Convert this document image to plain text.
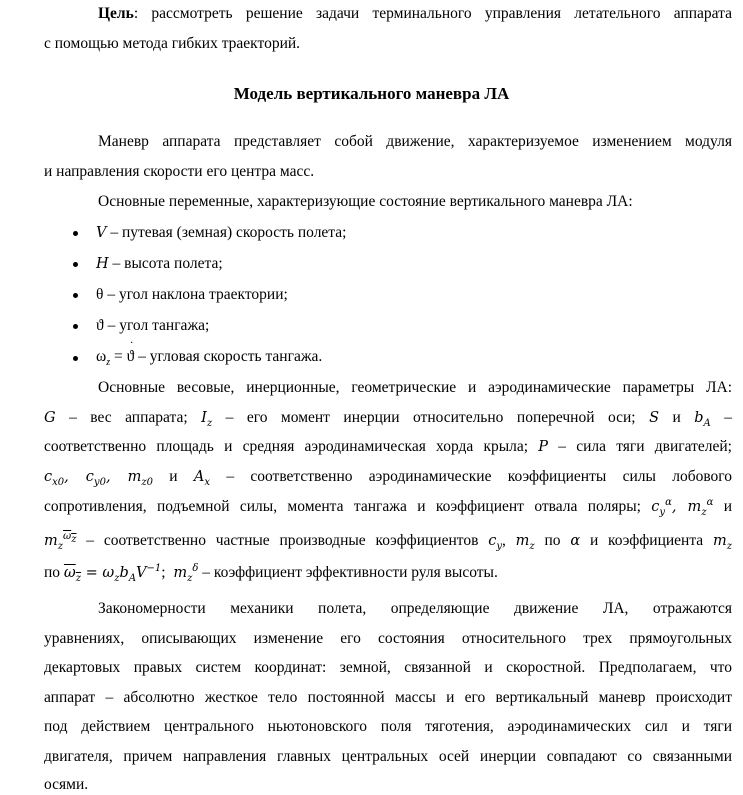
Цель: рассмотреть решение задачи терминального управления летательного аппарата
с помощью метода гибких траекторий.
Модель вертикального маневра ЛА
Маневр аппарата представляет собой движение, характеризуемое изменением модуля
и направления скорости его центра масс.
Основные переменные, характеризующие состояние вертикального маневра ЛА:
V – путевая (земная) скорость полета;
H – высота полета;
θ – угол наклона траектории;
ϑ – угол тангажа;
$\omega_z = ϑ$
·
– угловая скорость тангажа.
Основные весовые, инерционные, геометрические и аэродинамические параметры ЛА:
G – вес аппарата; $I_z$ – его момент инерции относительно поперечной оси; S и $b_A$ –
соответственно площадь и средняя аэродинамическая хорда крыла; P – сила тяги двигателей;
$c_{x0}$, $c_{y0}$, $m_{z0}$ и $A_x$ – соответственно аэродинамические коэффициенты силы лобового
сопротивления, подъемной силы, момента тангажа и коэффициент отвала поляры; $c_y^\alpha$, $m_z^\alpha$ и
$m_z^{\omega_z}$ – соответственно частные производные коэффициентов $c_y$, $m_z$ по α и коэффициента $m_z$
по $\omega_z = \omega_zb_AV^{-1}$;  $m_z^\delta$ – коэффициент эффективности руля высоты.
Закономерности механики полета, определяющие движение ЛА, отражаются
уравнениях, описывающих изменение его состояния относительного трех прямоугольных
декартовых правых систем координат: земной, связанной и скоростной. Предполагаем, что
аппарат – абсолютно жесткое тело постоянной массы и его вертикальный маневр происходит
под действием центрального ньютоновского поля тяготения, аэродинамических сил и тяги
двигателя, причем направления главных центральных осей инерции совпадают со связанными
осями.
